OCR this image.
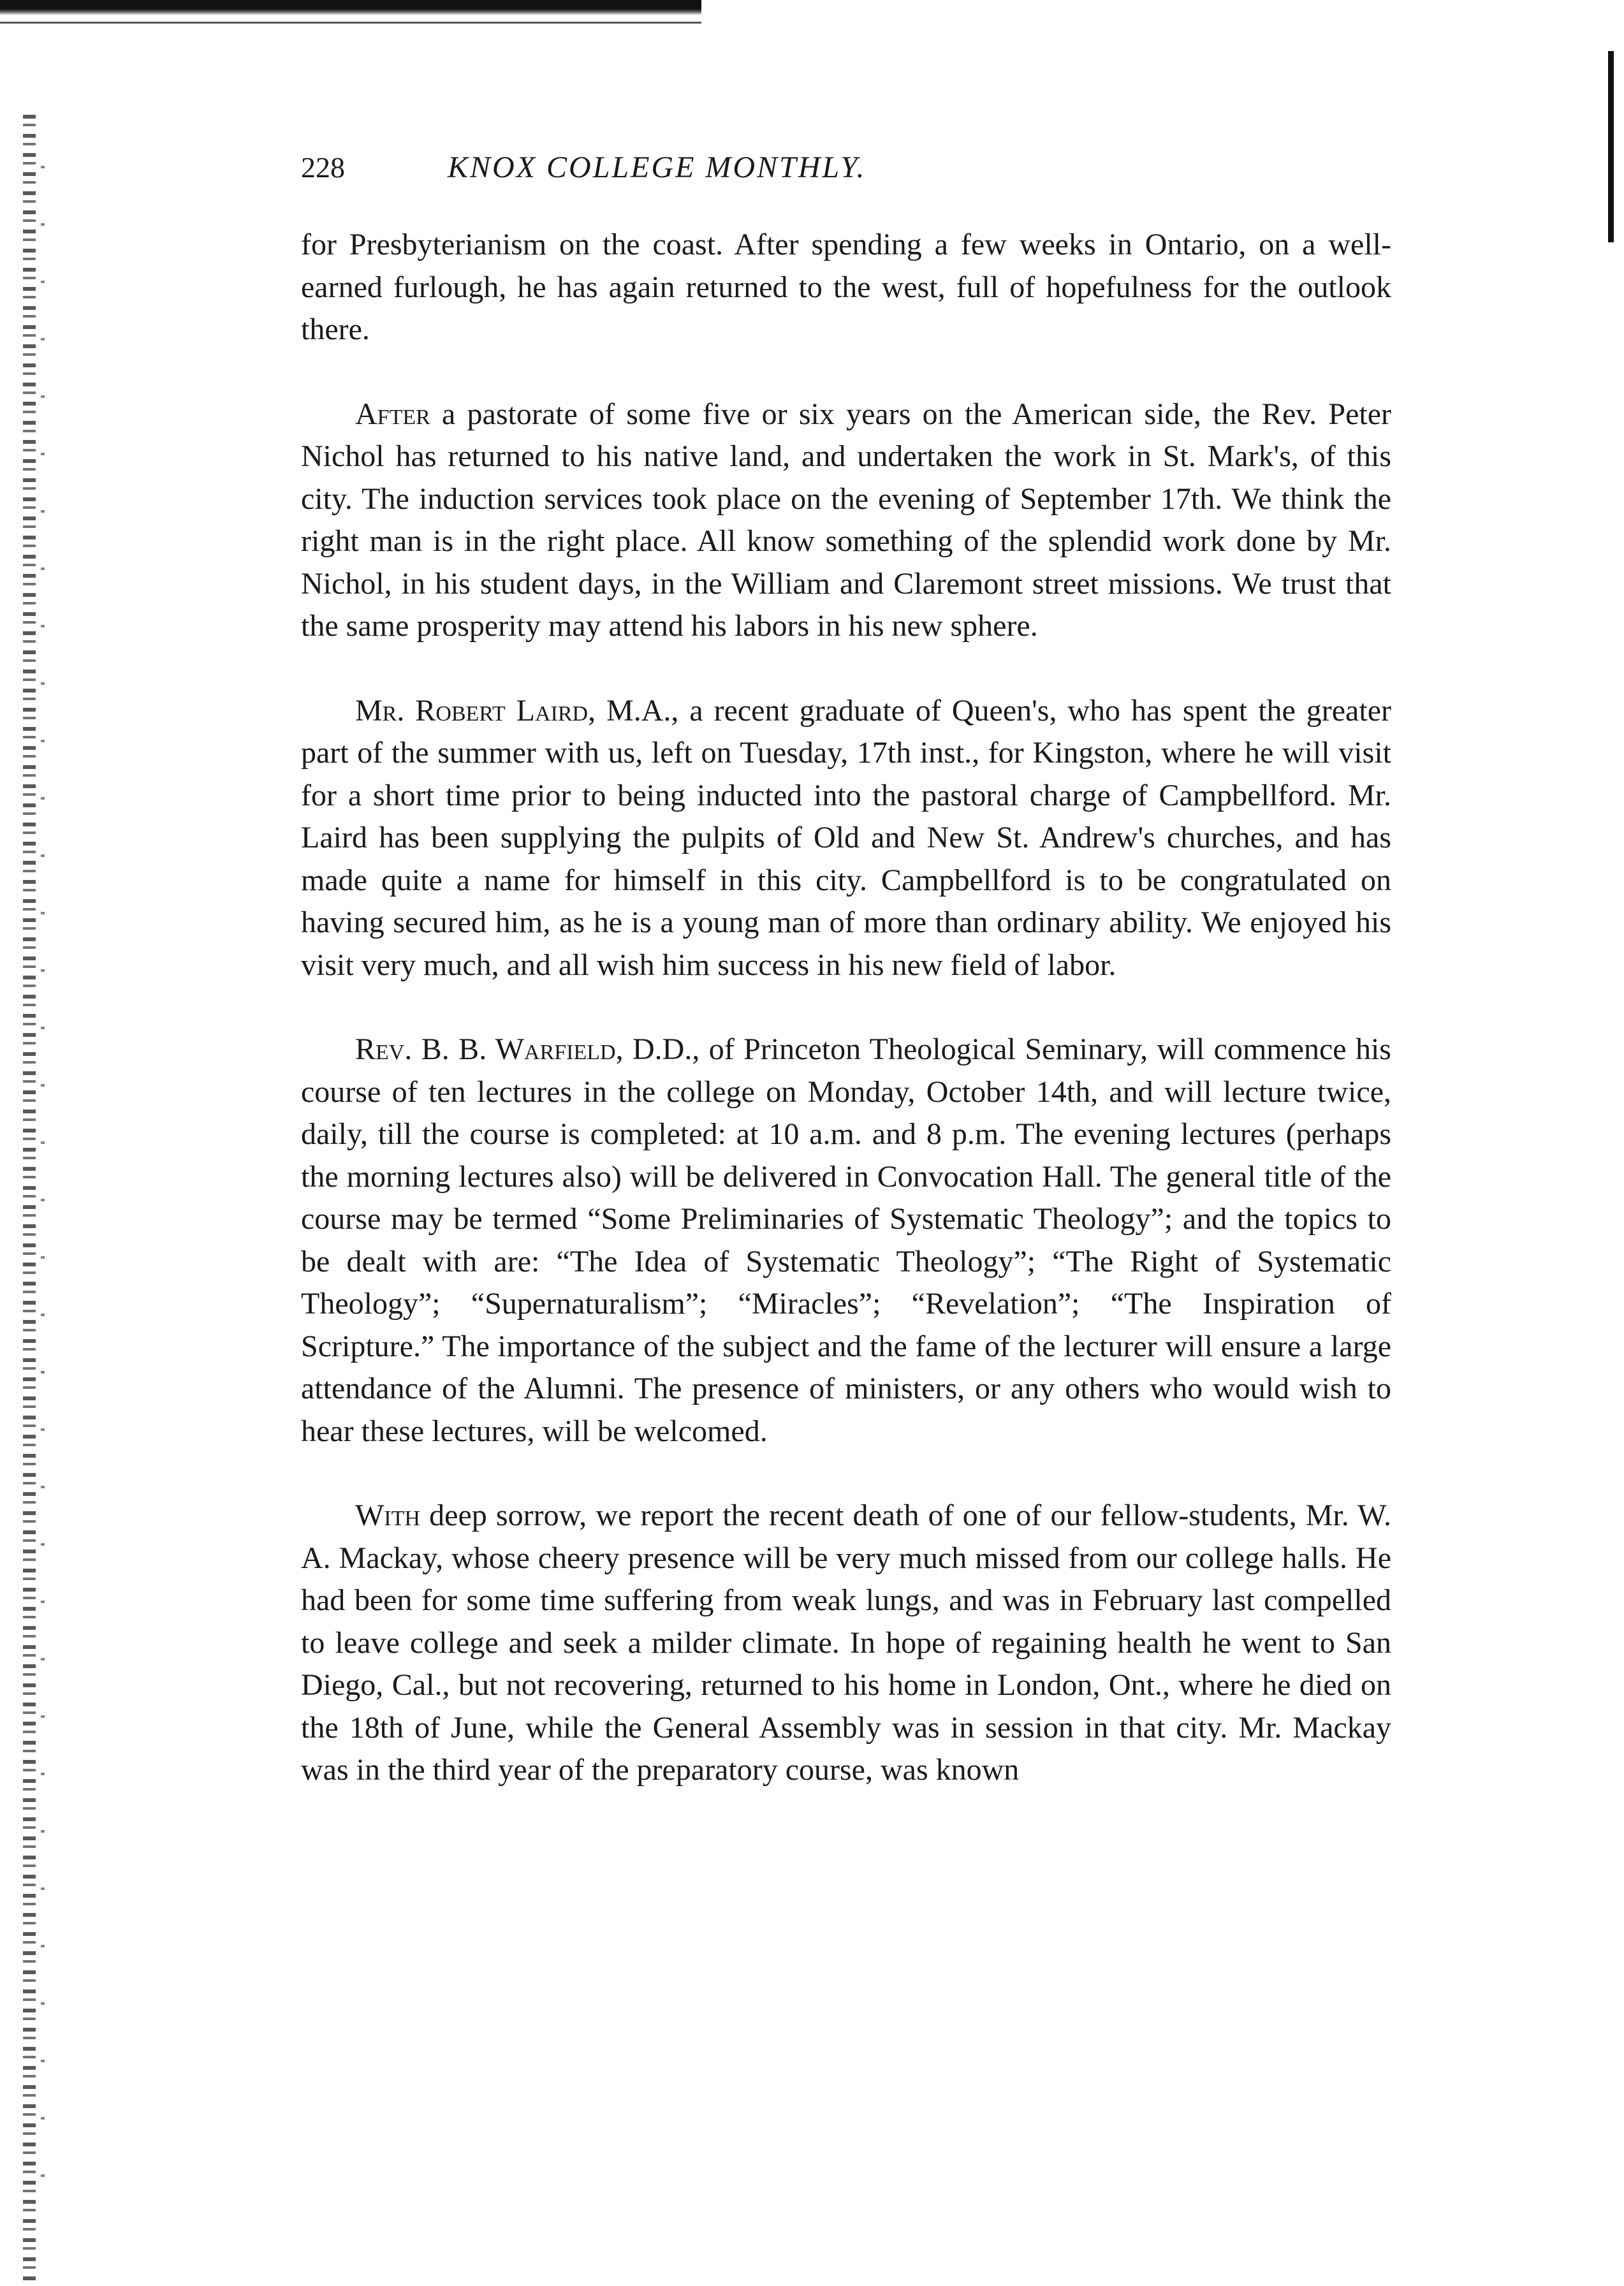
228	KNOX COLLEGE MONTHLY.

for Presbyterianism on the coast. After spending a few weeks in Ontario, on a well-earned furlough, he has again returned to the west, full of hopefulness for the outlook there.

After a pastorate of some five or six years on the American side, the Rev. Peter Nichol has returned to his native land, and undertaken the work in St. Mark's, of this city. The induction services took place on the evening of September 17th. We think the right man is in the right place. All know something of the splendid work done by Mr. Nichol, in his student days, in the William and Claremont street missions. We trust that the same prosperity may attend his labors in his new sphere.

Mr. Robert Laird, M.A., a recent graduate of Queen's, who has spent the greater part of the summer with us, left on Tuesday, 17th inst., for Kingston, where he will visit for a short time prior to being inducted into the pastoral charge of Campbellford. Mr. Laird has been supplying the pulpits of Old and New St. Andrew's churches, and has made quite a name for himself in this city. Campbellford is to be congratulated on having secured him, as he is a young man of more than ordinary ability. We enjoyed his visit very much, and all wish him success in his new field of labor.

Rev. B. B. Warfield, D.D., of Princeton Theological Seminary, will commence his course of ten lectures in the college on Monday, October 14th, and will lecture twice, daily, till the course is completed: at 10 a.m. and 8 p.m. The evening lectures (perhaps the morning lectures also) will be delivered in Convocation Hall. The general title of the course may be termed “Some Preliminaries of Systematic Theology”; and the topics to be dealt with are: “The Idea of Systematic Theology”; “The Right of Systematic Theology”; “Supernaturalism”; “Miracles”; “Revelation”; “The Inspiration of Scripture.” The importance of the subject and the fame of the lecturer will ensure a large attendance of the Alumni. The presence of ministers, or any others who would wish to hear these lectures, will be welcomed.

With deep sorrow, we report the recent death of one of our fellow-students, Mr. W. A. Mackay, whose cheery presence will be very much missed from our college halls. He had been for some time suffering from weak lungs, and was in February last compelled to leave college and seek a milder climate. In hope of regaining health he went to San Diego, Cal., but not recovering, returned to his home in London, Ont., where he died on the 18th of June, while the General Assembly was in session in that city. Mr. Mackay was in the third year of the preparatory course, was known
